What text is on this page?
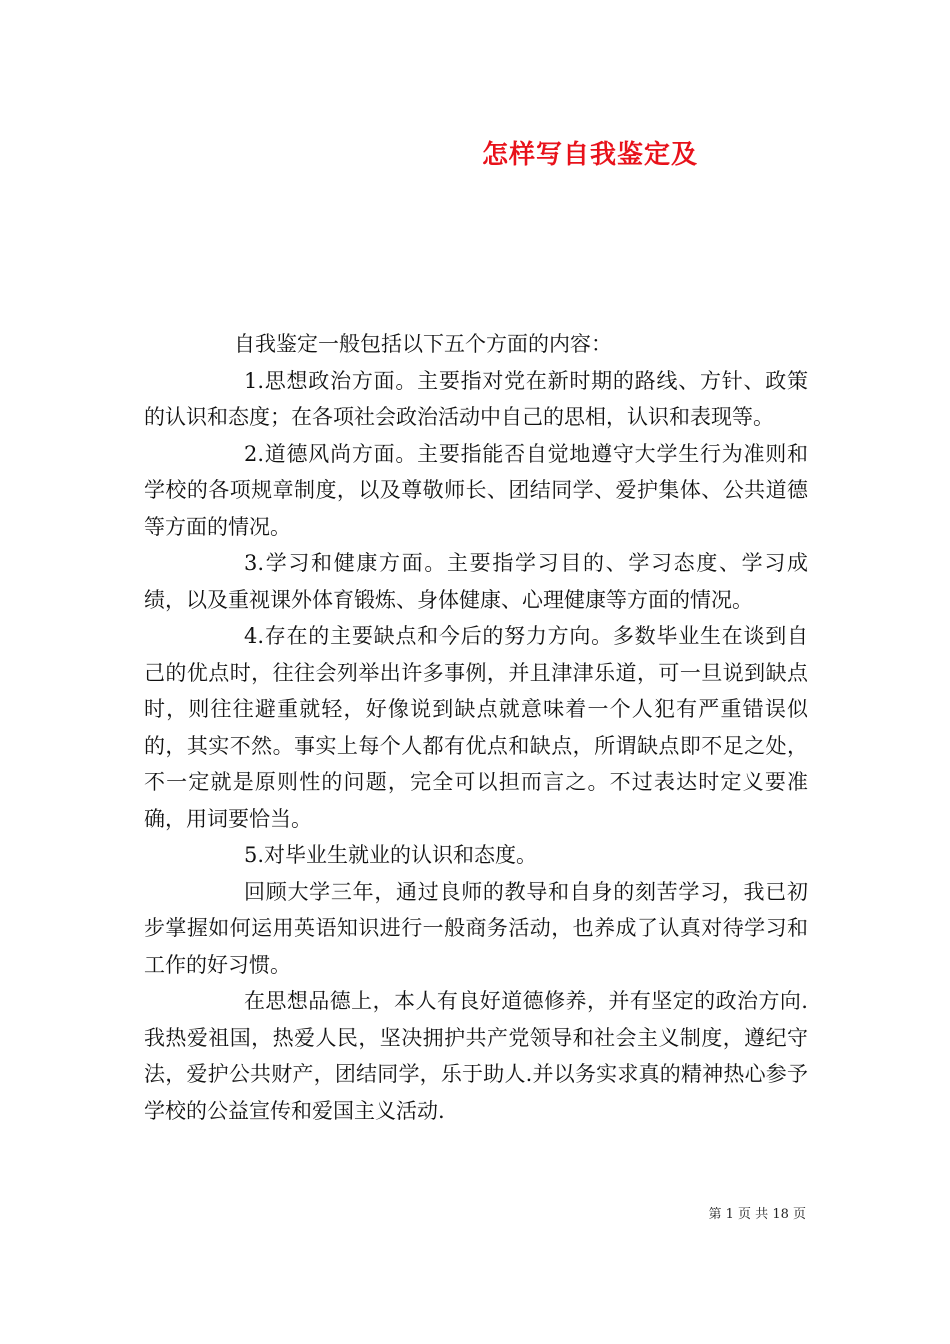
怎样写自我鉴定及

自我鉴定一般包括以下五个方面的内容：

1.思想政治方面。主要指对党在新时期的路线、方针、政策的认识和态度；在各项社会政治活动中自己的思相，认识和表现等。

2.道德风尚方面。主要指能否自觉地遵守大学生行为准则和学校的各项规章制度，以及尊敬师长、团结同学、爱护集体、公共道德等方面的情况。

3.学习和健康方面。主要指学习目的、学习态度、学习成绩，以及重视课外体育锻炼、身体健康、心理健康等方面的情况。

4.存在的主要缺点和今后的努力方向。多数毕业生在谈到自己的优点时，往往会列举出许多事例，并且津津乐道，可一旦说到缺点时，则往往避重就轻，好像说到缺点就意味着一个人犯有严重错误似的，其实不然。事实上每个人都有优点和缺点，所谓缺点即不足之处，不一定就是原则性的问题，完全可以担而言之。不过表达时定义要准确，用词要恰当。

5.对毕业生就业的认识和态度。

回顾大学三年，通过良师的教导和自身的刻苦学习，我已初步掌握如何运用英语知识进行一般商务活动，也养成了认真对待学习和工作的好习惯。

在思想品德上，本人有良好道德修养，并有坚定的政治方向.我热爱祖国，热爱人民，坚决拥护共产党领导和社会主义制度，遵纪守法，爱护公共财产，团结同学，乐于助人.并以务实求真的精神热心参予学校的公益宣传和爱国主义活动.

第 1 页 共 18 页
